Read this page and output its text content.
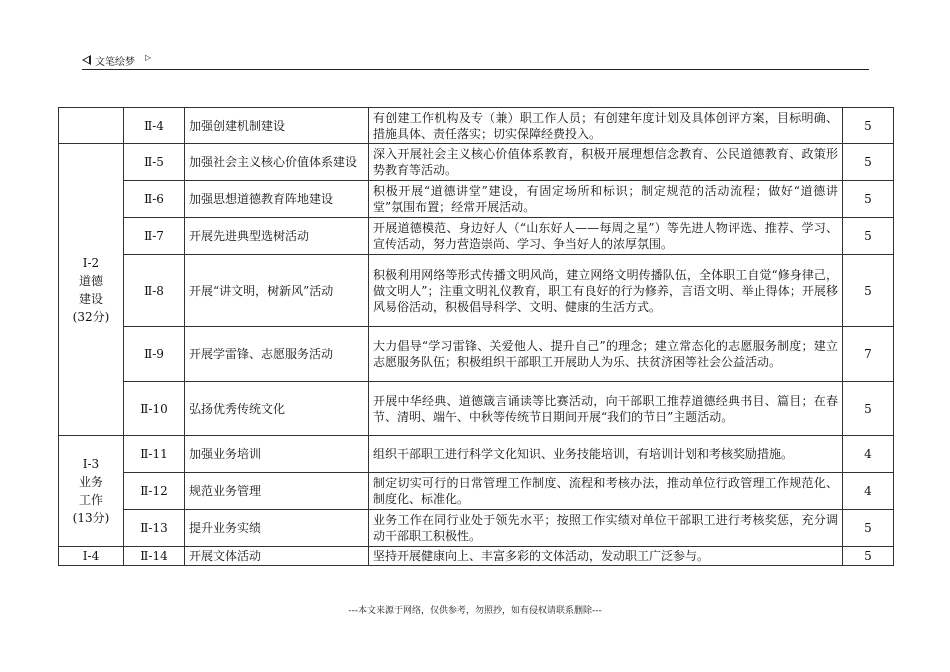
文笔绘梦 ▷
	Ⅱ-4	加强创建机制建设	有创建工作机构及专（兼）职工作人员；有创建年度计划及具体创评方案，目标明确、措施具体、责任落实；切实保障经费投入。	5

Ⅰ-2
道德
建设
(32分)	Ⅱ-5	加强社会主义核心价值体系建设	深入开展社会主义核心价值体系教育，积极开展理想信念教育、公民道德教育、政策形势教育等活动。	5
	Ⅱ-6	加强思想道德教育阵地建设	积极开展“道德讲堂”建设，有固定场所和标识；制定规范的活动流程；做好“道德讲堂”氛围布置；经常开展活动。	5
	Ⅱ-7	开展先进典型选树活动	开展道德模范、身边好人（“山东好人——每周之星”）等先进人物评选、推荐、学习、宣传活动，努力营造崇尚、学习、争当好人的浓厚氛围。	5
	Ⅱ-8	开展“讲文明，树新风”活动	积极利用网络等形式传播文明风尚，建立网络文明传播队伍，全体职工自觉“修身律己，做文明人”；注重文明礼仪教育，职工有良好的行为修养，言语文明、举止得体；开展移风易俗活动，积极倡导科学、文明、健康的生活方式。	5
	Ⅱ-9	开展学雷锋、志愿服务活动	大力倡导“学习雷锋、关爱他人、提升自己”的理念；建立常态化的志愿服务制度；建立志愿服务队伍；积极组织干部职工开展助人为乐、扶贫济困等社会公益活动。	7
	Ⅱ-10	弘扬优秀传统文化	开展中华经典、道德箴言诵读等比赛活动，向干部职工推荐道德经典书目、篇目；在春节、清明、端午、中秋等传统节日期间开展“我们的节日”主题活动。	5

Ⅰ-3
业务
工作
(13分)	Ⅱ-11	加强业务培训	组织干部职工进行科学文化知识、业务技能培训，有培训计划和考核奖励措施。	4
	Ⅱ-12	规范业务管理	制定切实可行的日常管理工作制度、流程和考核办法，推动单位行政管理工作规范化、制度化、标准化。	4
	Ⅱ-13	提升业务实绩	业务工作在同行业处于领先水平；按照工作实绩对单位干部职工进行考核奖惩，充分调动干部职工积极性。	5
Ⅰ-4	Ⅱ-14	开展文体活动	坚持开展健康向上、丰富多彩的文体活动，发动职工广泛参与。	5
---本文来源于网络，仅供参考，勿照抄，如有侵权请联系删除---
